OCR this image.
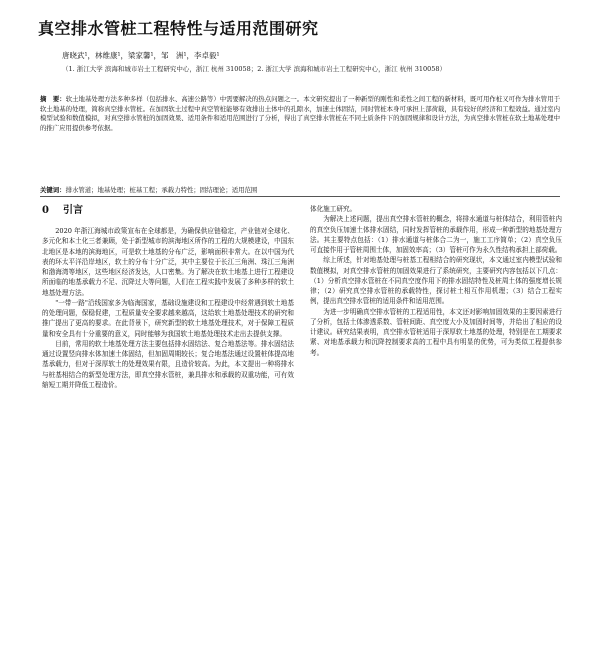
真空排水管桩工程特性与适用范围研究
唐晓武¹，林维康¹，梁家馨¹，邹　洲¹，李卓毅¹
（1. 浙江大学 滨海和城市岩土工程研究中心，浙江 杭州 310058；2. 浙江大学 滨海和城市岩土工程研究中心，浙江 杭州 310058）
摘　要：软土地基处理方法多种多样（包括排水、高速公路等）中需要解决的热点问题之一。本文研究提出了一种新型的刚性和柔性之间工程的新材料，既可用作桩又可作为排水管用于软土地基的处理，简称真空排水管桩。在加固软土过程中真空管桩能够有效排出土体中的孔隙水，加速土体固结，同时管桩本身可承担上部荷载，具有较好的经济和工程效益。通过室内模型试验和数值模拟，对真空排水管桩的加固效果、适用条件和适用范围进行了分析，得出了真空排水管桩在不同土质条件下的加固规律和设计方法，为真空排水管桩在软土地基处理中的推广应用提供参考依据。
关键词：排水管道；地基处理；桩基工程；承载力特性；固结理论；适用范围
0 引言

2020 年浙江海城市政策宣布在全球都是，为确保供应链稳定，产业链对全球化、多元化和本土化三者兼顾，处于新型城市的滨海地区所作的工程的大规模建设，中国东北地区是本地的滨海地区，可是软土地基的分布广泛，影响面积非常大。在以中国为代表的环太平洋沿岸地区，软土的分布十分广泛，其中主要位于长江三角洲、珠江三角洲和渤海湾等地区，这些地区经济发达，人口密集。为了解决在软土地基上进行工程建设所面临的地基承载力不足、沉降过大等问题，人们在工程实践中发展了多种多样的软土地基处理方法。

"一带一路"沿线国家多为临海国家，基础设施建设和工程建设中经常遇到软土地基的处理问题，保稳促建，工程质量安全要求越来越高，这给软土地基处理技术的研究和推广提出了更高的要求。在此背景下，研究新型的软土地基处理技术，对于保障工程质量和安全具有十分重要的意义，同时能够为我国软土地基处理技术走出去提供支撑。

目前，常用的软土地基处理方法主要包括排水固结法、复合地基法等。排水固结法通过设置竖向排水体加速土体固结，但加固周期较长；复合地基法通过设置桩体提高地基承载力，但对于深厚软土的处理效果有限，且造价较高。为此，本文提出一种将排水与桩基相结合的新型处理方法，即真空排水管桩，兼具排水和承载的双重功能，可有效缩短工期并降低工程造价。

体化施工研究。

为解决上述问题，提出真空排水管桩的概念，将排水通道与桩体结合，利用管桩内的真空负压加速土体排水固结，同时发挥管桩的承载作用，形成一种新型的地基处理方法。其主要特点包括：（1）排水通道与桩体合二为一，施工工序简单；（2）真空负压可直接作用于管桩周围土体，加固效率高；（3）管桩可作为永久性结构承担上部荷载。

综上所述，针对地基处理与桩基工程相结合的研究现状，本文通过室内模型试验和数值模拟，对真空排水管桩的加固效果进行了系统研究，主要研究内容包括以下几点：（1）分析真空排水管桩在不同真空度作用下的排水固结特性及桩周土体的强度增长规律；（2）研究真空排水管桩的承载特性，探讨桩土相互作用机理；（3）结合工程实例，提出真空排水管桩的适用条件和适用范围。

为进一步明确真空排水管桩的工程适用性，本文还对影响加固效果的主要因素进行了分析，包括土体渗透系数、管桩间距、真空度大小及加固时间等，并给出了相应的设计建议。研究结果表明，真空排水管桩适用于深厚软土地基的处理，特别是在工期要求紧、对地基承载力和沉降控制要求高的工程中具有明显的优势，可为类似工程提供参考。
